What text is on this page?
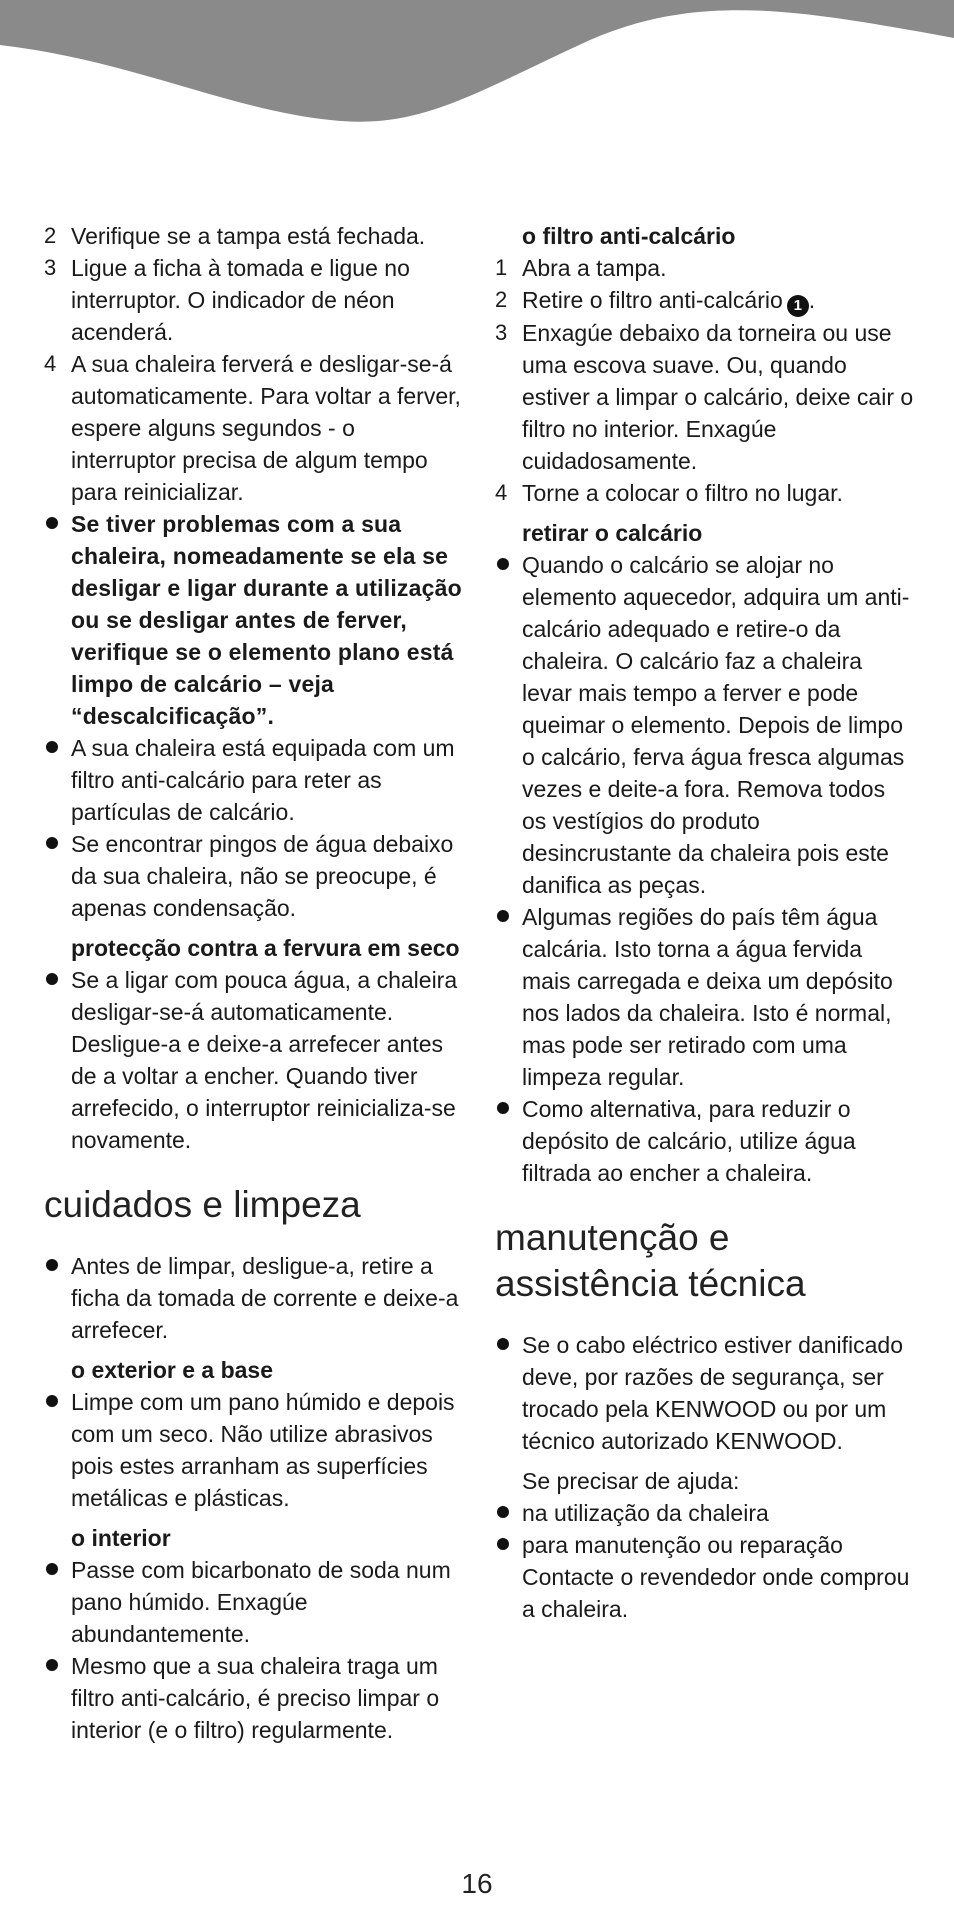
2 Verifique se a tampa está fechada.
3 Ligue a ficha à tomada e ligue no interruptor. O indicador de néon acenderá.
4 A sua chaleira ferverá e desligar-se-á automaticamente. Para voltar a ferver, espere alguns segundos - o interruptor precisa de algum tempo para reinicializar.
Se tiver problemas com a sua chaleira, nomeadamente se ela se desligar e ligar durante a utilização ou se desligar antes de ferver, verifique se o elemento plano está limpo de calcário – veja “descalcificação”.
A sua chaleira está equipada com um filtro anti-calcário para reter as partículas de calcário.
Se encontrar pingos de água debaixo da sua chaleira, não se preocupe, é apenas condensação.
protecção contra a fervura em seco
Se a ligar com pouca água, a chaleira desligar-se-á automaticamente. Desligue-a e deixe-a arrefecer antes de a voltar a encher. Quando tiver arrefecido, o interruptor reinicializa-se novamente.
cuidados e limpeza
Antes de limpar, desligue-a, retire a ficha da tomada de corrente e deixe-a arrefecer.
o exterior e a base
Limpe com um pano húmido e depois com um seco. Não utilize abrasivos pois estes arranham as superfícies metálicas e plásticas.
o interior
Passe com bicarbonato de soda num pano húmido. Enxagúe abundantemente.
Mesmo que a sua chaleira traga um filtro anti-calcário, é preciso limpar o interior (e o filtro) regularmente.
o filtro anti-calcário
1 Abra a tampa.
2 Retire o filtro anti-calcário 1 .
3 Enxagúe debaixo da torneira ou use uma escova suave. Ou, quando estiver a limpar o calcário, deixe cair o filtro no interior. Enxagúe cuidadosamente.
4 Torne a colocar o filtro no lugar.
retirar o calcário
Quando o calcário se alojar no elemento aquecedor, adquira um anti-calcário adequado e retire-o da chaleira. O calcário faz a chaleira levar mais tempo a ferver e pode queimar o elemento. Depois de limpo o calcário, ferva água fresca algumas vezes e deite-a fora. Remova todos os vestígios do produto desincrustante da chaleira pois este danifica as peças.
Algumas regiões do país têm água calcária. Isto torna a água fervida mais carregada e deixa um depósito nos lados da chaleira. Isto é normal, mas pode ser retirado com uma limpeza regular.
Como alternativa, para reduzir o depósito de calcário, utilize água filtrada ao encher a chaleira.
manutenção e assistência técnica
Se o cabo eléctrico estiver danificado deve, por razões de segurança, ser trocado pela KENWOOD ou por um técnico autorizado KENWOOD.
Se precisar de ajuda:
na utilização da chaleira
para manutenção ou reparação Contacte o revendedor onde comprou a chaleira.
16
